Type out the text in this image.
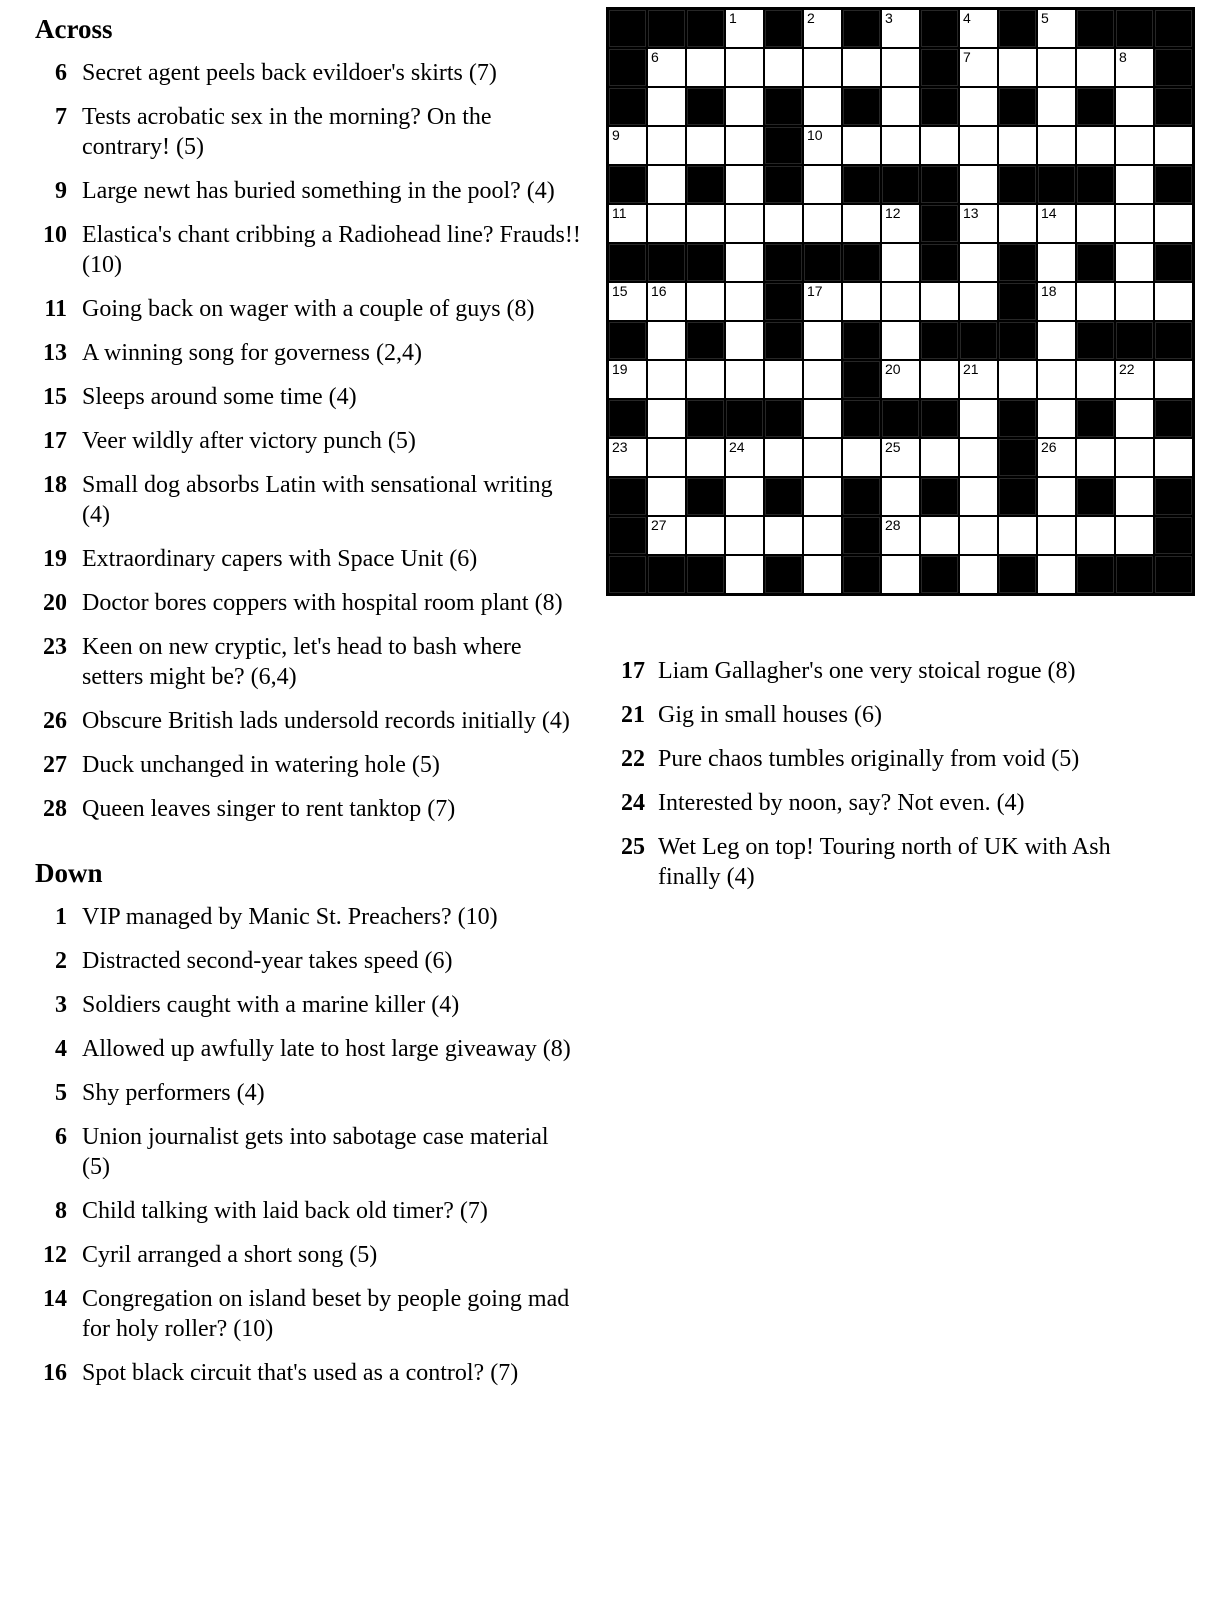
Across
6 Secret agent peels back evildoer's skirts (7)
7 Tests acrobatic sex in the morning? On the contrary! (5)
9 Large newt has buried something in the pool? (4)
10 Elastica's chant cribbing a Radiohead line? Frauds!! (10)
11 Going back on wager with a couple of guys (8)
13 A winning song for governess (2,4)
15 Sleeps around some time (4)
17 Veer wildly after victory punch (5)
18 Small dog absorbs Latin with sensational writing (4)
19 Extraordinary capers with Space Unit (6)
20 Doctor bores coppers with hospital room plant (8)
23 Keen on new cryptic, let's head to bash where setters might be? (6,4)
26 Obscure British lads undersold records initially (4)
27 Duck unchanged in watering hole (5)
28 Queen leaves singer to rent tanktop (7)
Down
1 VIP managed by Manic St. Preachers? (10)
2 Distracted second-year takes speed (6)
3 Soldiers caught with a marine killer (4)
4 Allowed up awfully late to host large giveaway (8)
5 Shy performers (4)
6 Union journalist gets into sabotage case material (5)
8 Child talking with laid back old timer? (7)
12 Cyril arranged a short song (5)
14 Congregation on island beset by people going mad for holy roller? (10)
16 Spot black circuit that's used as a control? (7)
1	2	3	4	5
6	7	8
9	10
11	12	13	14
15 16	17	18
19	20	21	22
23	24	25	26
27	28
17 Liam Gallagher's one very stoical rogue (8)
21 Gig in small houses (6)
22 Pure chaos tumbles originally from void (5)
24 Interested by noon, say? Not even. (4)
25 Wet Leg on top! Touring north of UK with Ash finally (4)
